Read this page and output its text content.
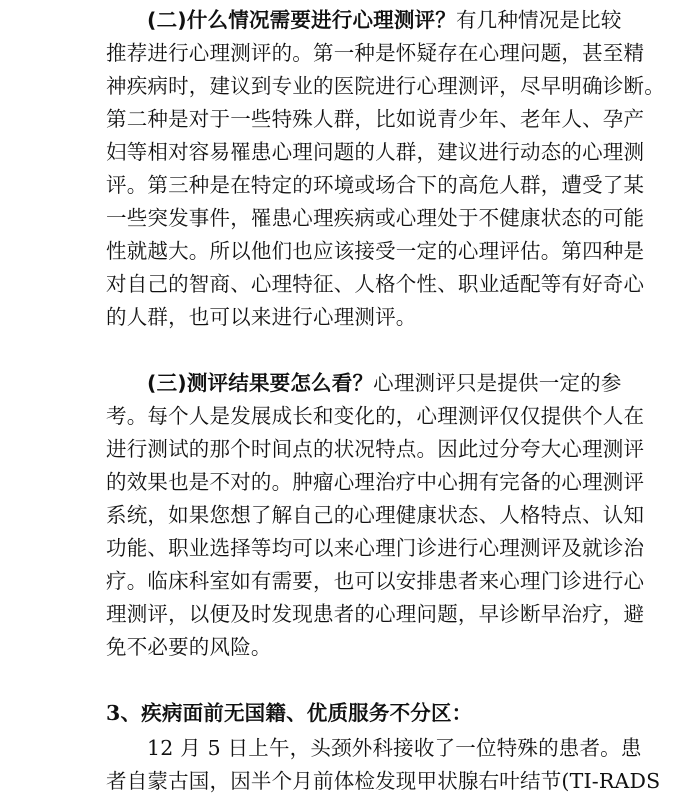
(二)什么情况需要进行心理测评？有几种情况是比较
推荐进行心理测评的。第一种是怀疑存在心理问题，甚至精
神疾病时，建议到专业的医院进行心理测评，尽早明确诊断。
第二种是对于一些特殊人群，比如说青少年、老年人、孕产
妇等相对容易罹患心理问题的人群，建议进行动态的心理测
评。第三种是在特定的环境或场合下的高危人群，遭受了某
一些突发事件，罹患心理疾病或心理处于不健康状态的可能
性就越大。所以他们也应该接受一定的心理评估。第四种是
对自己的智商、心理特征、人格个性、职业适配等有好奇心
的人群，也可以来进行心理测评。
(三)测评结果要怎么看？心理测评只是提供一定的参
考。每个人是发展成长和变化的，心理测评仅仅提供个人在
进行测试的那个时间点的状况特点。因此过分夸大心理测评
的效果也是不对的。肿瘤心理治疗中心拥有完备的心理测评
系统，如果您想了解自己的心理健康状态、人格特点、认知
功能、职业选择等均可以来心理门诊进行心理测评及就诊治
疗。临床科室如有需要，也可以安排患者来心理门诊进行心
理测评，以便及时发现患者的心理问题，早诊断早治疗，避
免不必要的风险。
3、疾病面前无国籍、优质服务不分区：
12 月 5 日上午，头颈外科接收了一位特殊的患者。患
者自蒙古国，因半个月前体检发现甲状腺右叶结节(TI-RADS
